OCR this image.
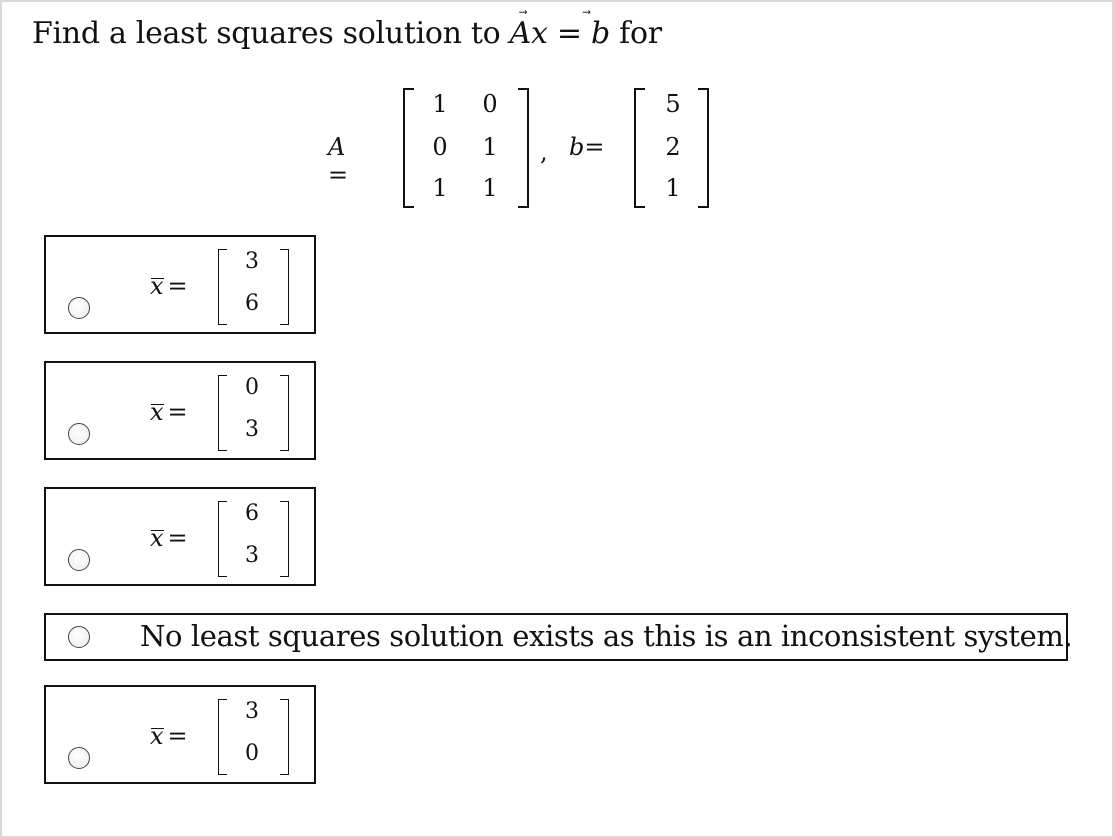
Find a least squares solution to Ax = b for
A =
1 0
0 1
1 1
, b=
5
2
1
x =
3
6
x =
0
3
x =
6
3
No least squares solution exists as this is an inconsistent system.
x =
3
0
